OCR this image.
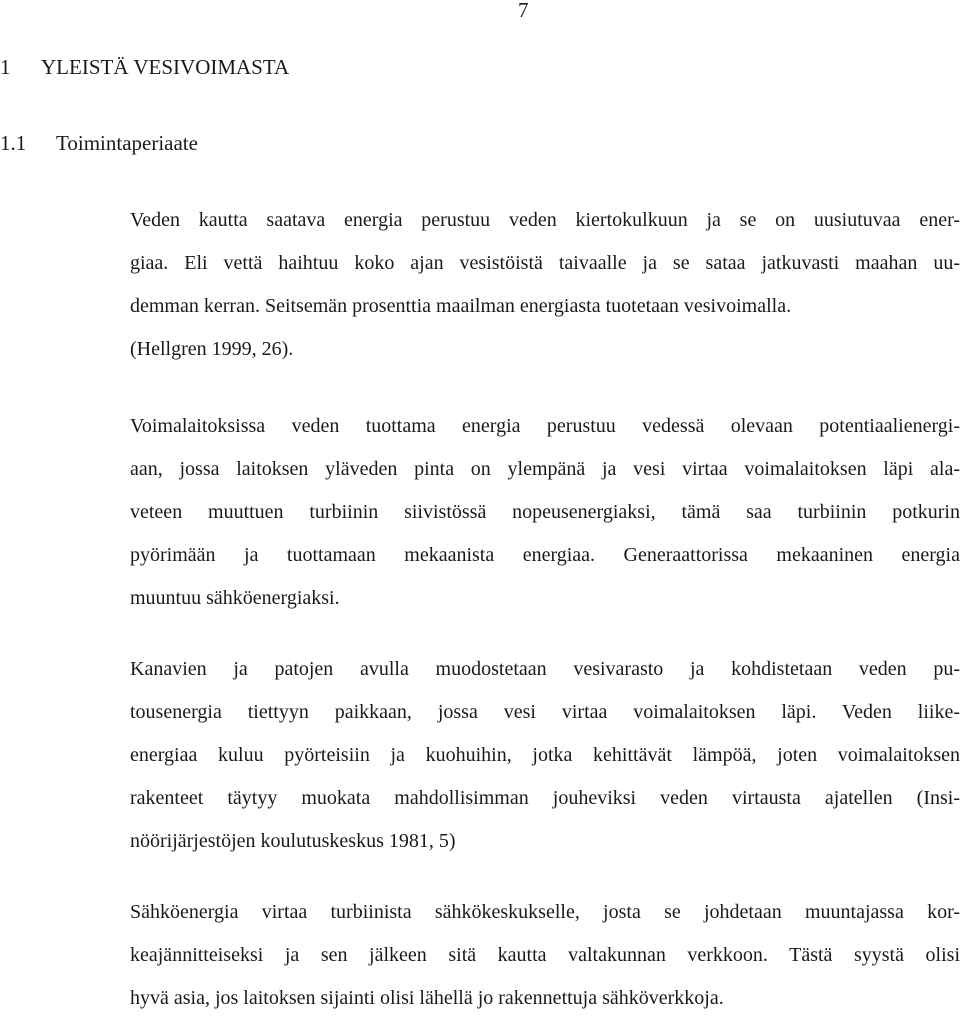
7
1 YLEISTÄ VESIVOIMASTA
1.1 Toimintaperiaate
Veden kautta saatava energia perustuu veden kiertokulkuun ja se on uusiutuvaa ener-
giaa. Eli vettä haihtuu koko ajan vesistöistä taivaalle ja se sataa jatkuvasti maahan uu-
demman kerran. Seitsemän prosenttia maailman energiasta tuotetaan vesivoimalla.
(Hellgren 1999, 26).
Voimalaitoksissa veden tuottama energia perustuu vedessä olevaan potentiaalienergi-
aan, jossa laitoksen yläveden pinta on ylempänä ja vesi virtaa voimalaitoksen läpi ala-
veteen muuttuen turbiinin siivistössä nopeusenergiaksi, tämä saa turbiinin potkurin
pyörimään ja tuottamaan mekaanista energiaa. Generaattorissa mekaaninen energia
muuntuu sähköenergiaksi.
Kanavien ja patojen avulla muodostetaan vesivarasto ja kohdistetaan veden pu-
tousenergia tiettyyn paikkaan, jossa vesi virtaa voimalaitoksen läpi. Veden liike-
energiaa kuluu pyörteisiin ja kuohuihin, jotka kehittävät lämpöä, joten voimalaitoksen
rakenteet täytyy muokata mahdollisimman jouheviksi veden virtausta ajatellen (Insi-
nöörijärjestöjen koulutuskeskus 1981, 5)
Sähköenergia virtaa turbiinista sähkökeskukselle, josta se johdetaan muuntajassa kor-
keajännitteiseksi ja sen jälkeen sitä kautta valtakunnan verkkoon. Tästä syystä olisi
hyvä asia, jos laitoksen sijainti olisi lähellä jo rakennettuja sähköverkkoja.
